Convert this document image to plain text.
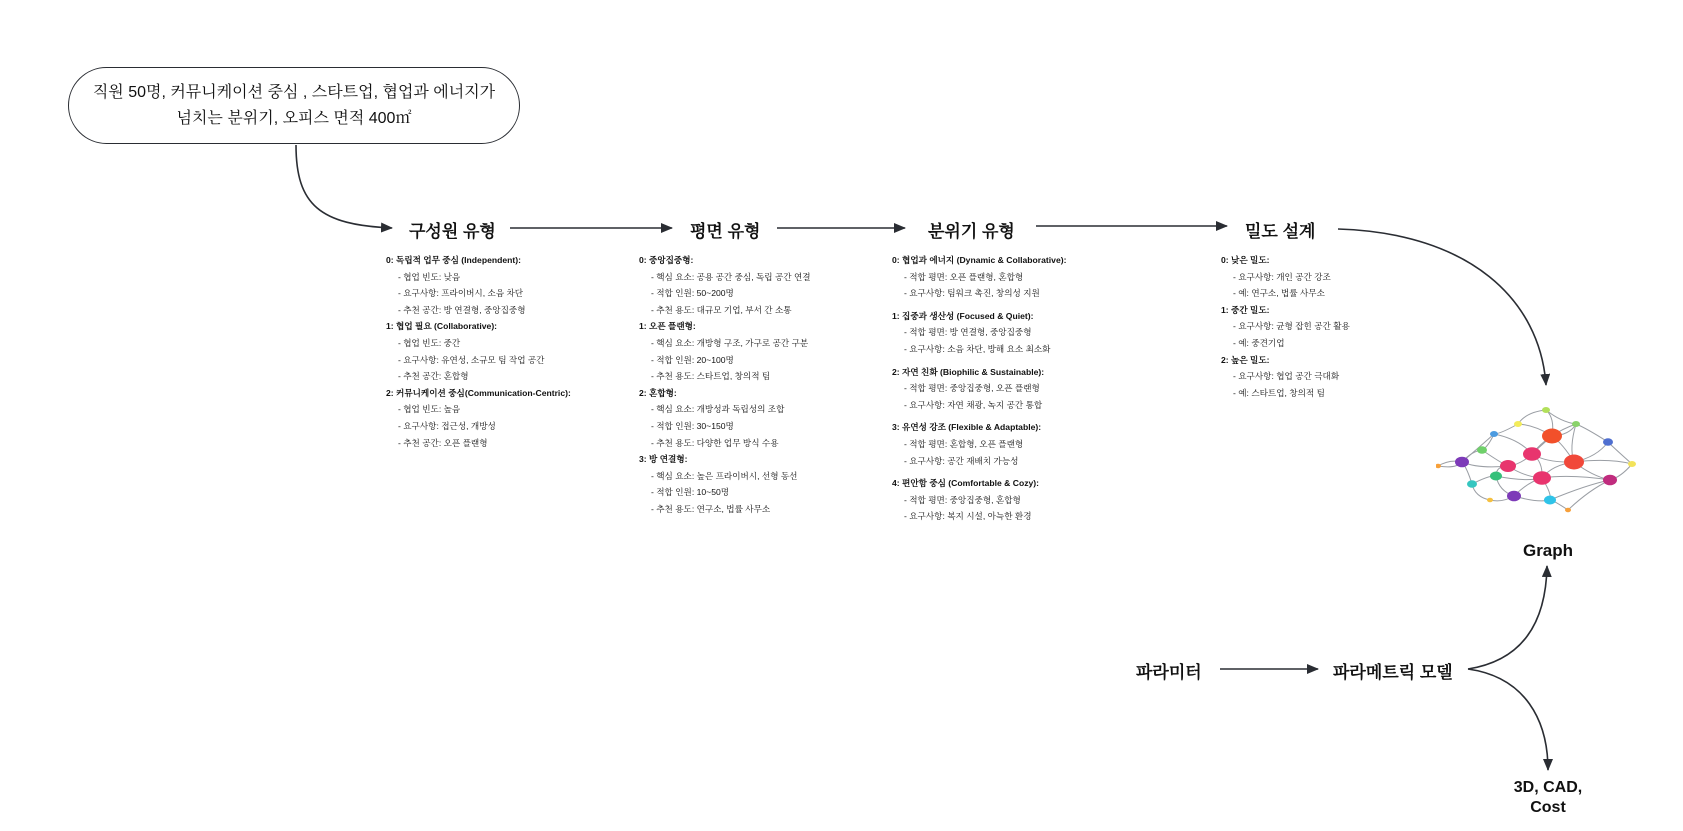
직원 50명, 커뮤니케이션 중심 , 스타트업, 협업과 에너지가
넘치는 분위기, 오피스 면적 400㎡
구성원 유형	평면 유형	분위기 유형	밀도 설계
0: 독립적 업무 중심 (Independent):
- 협업 빈도: 낮음
- 요구사항: 프라이버시, 소음 차단
- 추천 공간: 방 연결형, 중앙집중형
1: 협업 필요 (Collaborative):
- 협업 빈도: 중간
- 요구사항: 유연성, 소규모 팀 작업 공간
- 추천 공간: 혼합형
2: 커뮤니케이션 중심(Communication-Centric):
- 협업 빈도: 높음
- 요구사항: 접근성, 개방성
- 추천 공간: 오픈 플랜형
0: 중앙집중형:
- 핵심 요소: 공용 공간 중심, 독립 공간 연결
- 적합 인원: 50~200명
- 추천 용도: 대규모 기업, 부서 간 소통
1: 오픈 플랜형:
- 핵심 요소: 개방형 구조, 가구로 공간 구분
- 적합 인원: 20~100명
- 추천 용도: 스타트업, 창의적 팀
2: 혼합형:
- 핵심 요소: 개방성과 독립성의 조합
- 적합 인원: 30~150명
- 추천 용도: 다양한 업무 방식 수용
3: 방 연결형:
- 핵심 요소: 높은 프라이버시, 선형 동선
- 적합 인원: 10~50명
- 추천 용도: 연구소, 법률 사무소
0: 협업과 에너지 (Dynamic & Collaborative):
- 적합 평면: 오픈 플랜형, 혼합형
- 요구사항: 팀워크 촉진, 창의성 지원
1: 집중과 생산성 (Focused & Quiet):
- 적합 평면: 방 연결형, 중앙집중형
- 요구사항: 소음 차단, 방해 요소 최소화
2: 자연 친화 (Biophilic & Sustainable):
- 적합 평면: 중앙집중형, 오픈 플랜형
- 요구사항: 자연 채광, 녹지 공간 통합
3: 유연성 강조 (Flexible & Adaptable):
- 적합 평면: 혼합형, 오픈 플랜형
- 요구사항: 공간 재배치 가능성
4: 편안함 중심 (Comfortable & Cozy):
- 적합 평면: 중앙집중형, 혼합형
- 요구사항: 복지 시설, 아늑한 환경
0: 낮은 밀도:
- 요구사항: 개인 공간 강조
- 예: 연구소, 법률 사무소
1: 중간 밀도:
- 요구사항: 균형 잡힌 공간 활용
- 예: 중견기업
2: 높은 밀도:
- 요구사항: 협업 공간 극대화
- 예: 스타트업, 창의적 팀
Graph
파라미터	파라메트릭 모델
3D, CAD,
Cost
